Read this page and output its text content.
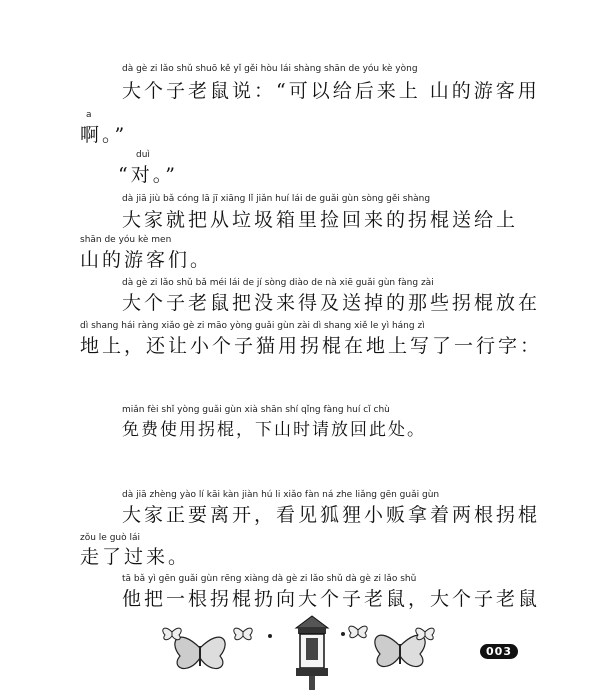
dà gè zi lǎo shǔ shuō kě yǐ gěi hòu lái shàng shān de yóu kè yòng
大个子老鼠说：“可以给后来上 山的游客用
a
啊。”
duì
“对。”
dà jiā jiù bǎ cóng lā jī xiāng lǐ jiǎn huí lái de guǎi gùn sòng gěi shàng
大家就把从垃圾箱里捡回来的拐棍送给上
shān de yóu kè men
山的游客们。
dà gè zi lǎo shǔ bǎ méi lái de jí sòng diào de nà xiē guǎi gùn fàng zài
大个子老鼠把没来得及送掉的那些拐棍放在
dì shang hái ràng xiǎo gè zi māo yòng guǎi gùn zài dì shang xiě le yì háng zì
地上，还让小个子猫用拐棍在地上写了一行字：
miǎn fèi shǐ yòng guǎi gùn xià shān shí qǐng fàng huí cǐ chù
免费使用拐棍，下山时请放回此处。
dà jiā zhèng yào lí kāi kàn jiàn hú li xiǎo fàn ná zhe liǎng gēn guǎi gùn
大家正要离开，看见狐狸小贩拿着两根拐棍
zǒu le guò lái
走了过来。
tā bǎ yì gēn guǎi gùn rēng xiàng dà gè zi lǎo shǔ dà gè zi lǎo shǔ
他把一根拐棍扔向大个子老鼠，大个子老鼠
003
